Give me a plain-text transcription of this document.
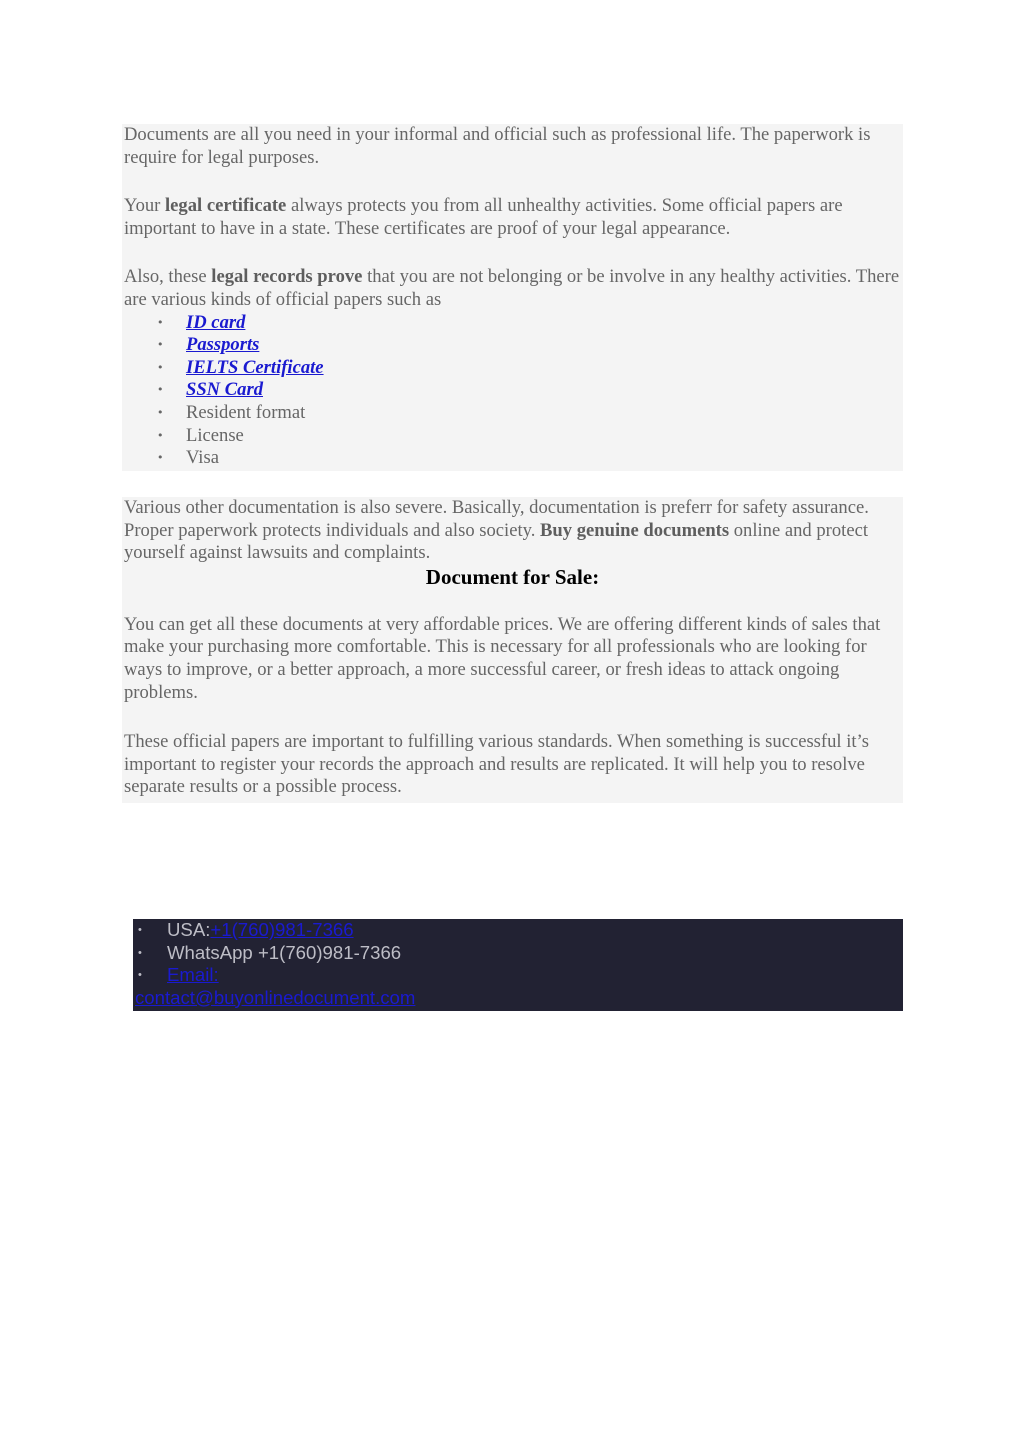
Documents are all you need in your informal and official such as professional life. The paperwork is require for legal purposes.

Your legal certificate always protects you from all unhealthy activities. Some official papers are important to have in a state. These certificates are proof of your legal appearance.

Also, these legal records prove that you are not belonging or be involve in any healthy activities. There are various kinds of official papers such as

• ID card
• Passports
• IELTS Certificate
• SSN Card
• Resident format
• License
• Visa

Various other documentation is also severe. Basically, documentation is preferr for safety assurance. Proper paperwork protects individuals and also society. Buy genuine documents online and protect yourself against lawsuits and complaints.

Document for Sale:

You can get all these documents at very affordable prices. We are offering different kinds of sales that make your purchasing more comfortable. This is necessary for all professionals who are looking for ways to improve, or a better approach, a more successful career, or fresh ideas to attack ongoing problems.

These official papers are important to fulfilling various standards. When something is successful it’s important to register your records the approach and results are replicated. It will help you to resolve separate results or a possible process.

• USA:+1(760)981-7366
• WhatsApp +1(760)981-7366
• Email:
contact@buyonlinedocument.com
